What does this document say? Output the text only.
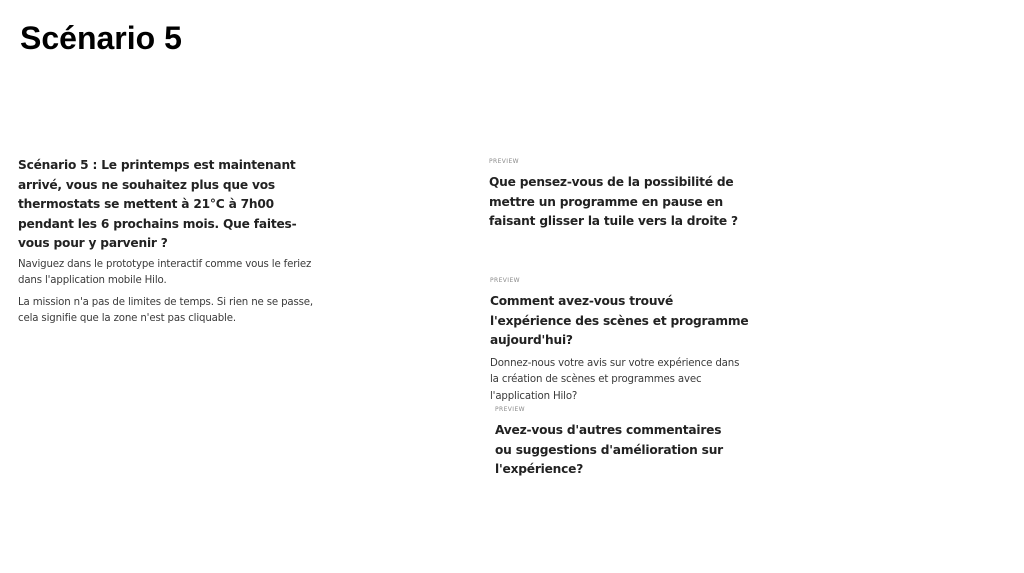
Scénario 5

Scénario 5 : Le printemps est maintenant arrivé, vous ne souhaitez plus que vos thermostats se mettent à 21°C à 7h00 pendant les 6 prochains mois. Que faites-vous pour y parvenir ?

Naviguez dans le prototype interactif comme vous le feriez dans l'application mobile Hilo.

La mission n'a pas de limites de temps. Si rien ne se passe, cela signifie que la zone n'est pas cliquable.

PREVIEW

Que pensez-vous de la possibilité de mettre un programme en pause en faisant glisser la tuile vers la droite ?

PREVIEW

Comment avez-vous trouvé l'expérience des scènes et programme aujourd'hui?

Donnez-nous votre avis sur votre expérience dans la création de scènes et programmes avec l'application Hilo?

PREVIEW

Avez-vous d'autres commentaires ou suggestions d'amélioration sur l'expérience?
